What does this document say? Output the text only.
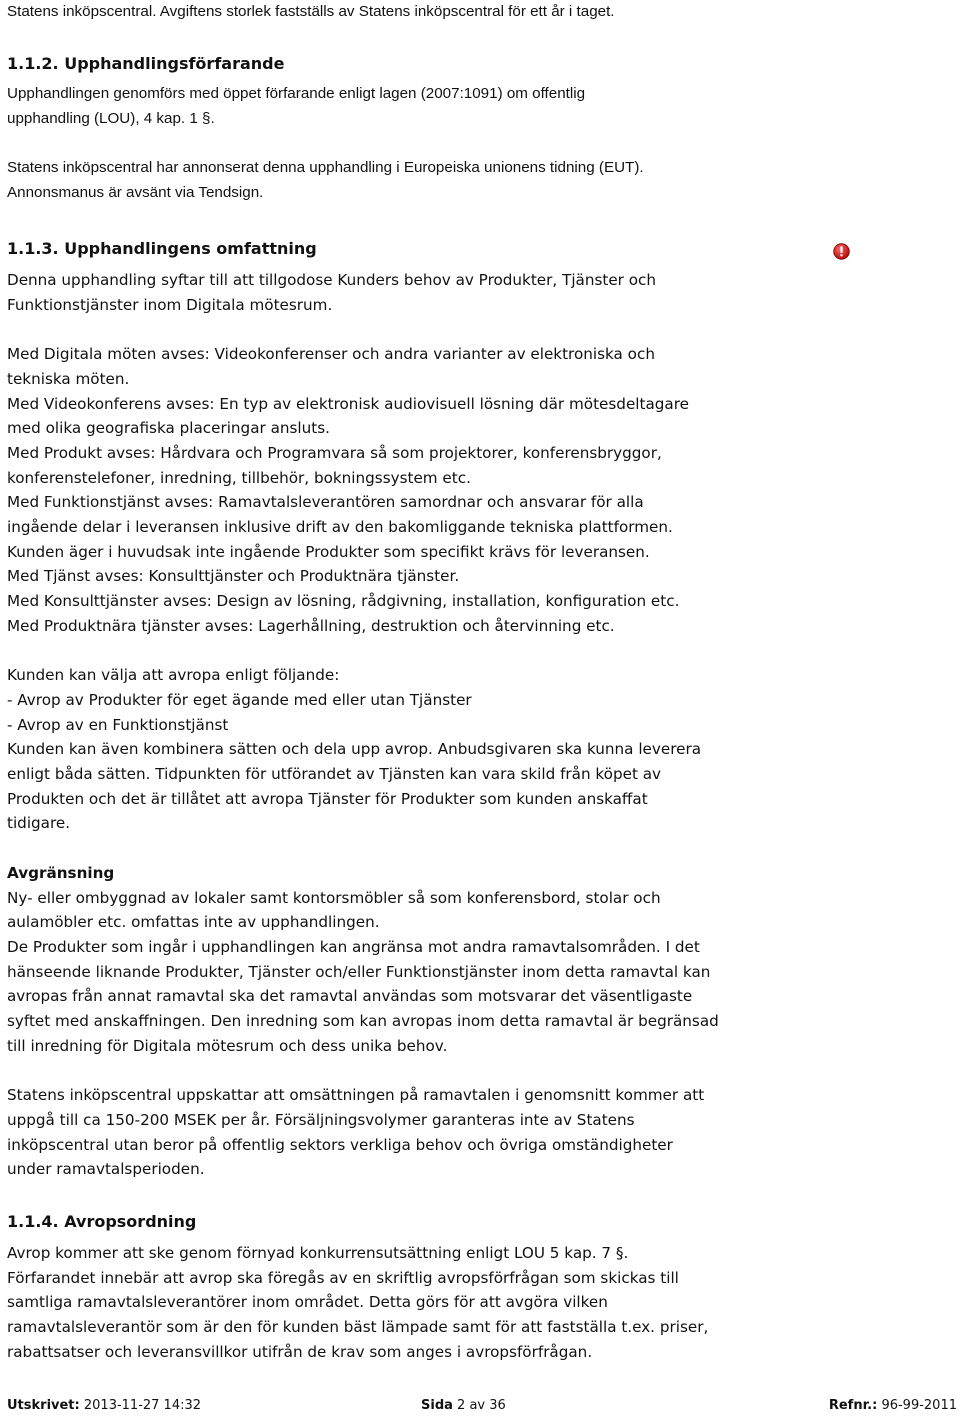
Statens inköpscentral. Avgiftens storlek fastställs av Statens inköpscentral för ett år i taget.

1.1.2. Upphandlingsförfarande

Upphandlingen genomförs med öppet förfarande enligt lagen (2007:1091) om offentlig

upphandling (LOU), 4 kap. 1 §.

Statens inköpscentral har annonserat denna upphandling i Europeiska unionens tidning (EUT).

Annonsmanus är avsänt via Tendsign.

1.1.3. Upphandlingens omfattning

Denna upphandling syftar till att tillgodose Kunders behov av Produkter, Tjänster och

Funktionstjänster inom Digitala mötesrum.

Med Digitala möten avses: Videokonferenser och andra varianter av elektroniska och

tekniska möten.

Med Videokonferens avses: En typ av elektronisk audiovisuell lösning där mötesdeltagare

med olika geografiska placeringar ansluts.

Med Produkt avses: Hårdvara och Programvara så som projektorer, konferensbryggor,

konferenstelefoner, inredning, tillbehör, bokningssystem etc.

Med Funktionstjänst avses: Ramavtalsleverantören samordnar och ansvarar för alla

ingående delar i leveransen inklusive drift av den bakomliggande tekniska plattformen.

Kunden äger i huvudsak inte ingående Produkter som specifikt krävs för leveransen.

Med Tjänst avses: Konsulttjänster och Produktnära tjänster.

Med Konsulttjänster avses: Design av lösning, rådgivning, installation, konfiguration etc.

Med Produktnära tjänster avses: Lagerhållning, destruktion och återvinning etc.

Kunden kan välja att avropa enligt följande:

- Avrop av Produkter för eget ägande med eller utan Tjänster

- Avrop av en Funktionstjänst

Kunden kan även kombinera sätten och dela upp avrop. Anbudsgivaren ska kunna leverera

enligt båda sätten. Tidpunkten för utförandet av Tjänsten kan vara skild från köpet av

Produkten och det är tillåtet att avropa Tjänster för Produkter som kunden anskaffat

tidigare.

Avgränsning

Ny- eller ombyggnad av lokaler samt kontorsmöbler så som konferensbord, stolar och

aulamöbler etc. omfattas inte av upphandlingen.

De Produkter som ingår i upphandlingen kan angränsa mot andra ramavtalsområden. I det

hänseende liknande Produkter, Tjänster och/eller Funktionstjänster inom detta ramavtal kan

avropas från annat ramavtal ska det ramavtal användas som motsvarar det väsentligaste

syftet med anskaffningen. Den inredning som kan avropas inom detta ramavtal är begränsad

till inredning för Digitala mötesrum och dess unika behov.

Statens inköpscentral uppskattar att omsättningen på ramavtalen i genomsnitt kommer att

uppgå till ca 150-200 MSEK per år. Försäljningsvolymer garanteras inte av Statens

inköpscentral utan beror på offentlig sektors verkliga behov och övriga omständigheter

under ramavtalsperioden.

1.1.4. Avropsordning

Avrop kommer att ske genom förnyad konkurrensutsättning enligt LOU 5 kap. 7 §.

Förfarandet innebär att avrop ska föregås av en skriftlig avropsförfrågan som skickas till

samtliga ramavtalsleverantörer inom området. Detta görs för att avgöra vilken

ramavtalsleverantör som är den för kunden bäst lämpade samt för att fastställa t.ex. priser,

rabattsatser och leveransvillkor utifrån de krav som anges i avropsförfrågan.

Utskrivet: 2013-11-27 14:32	Sida 2 av 36	Refnr.: 96-99-2011
